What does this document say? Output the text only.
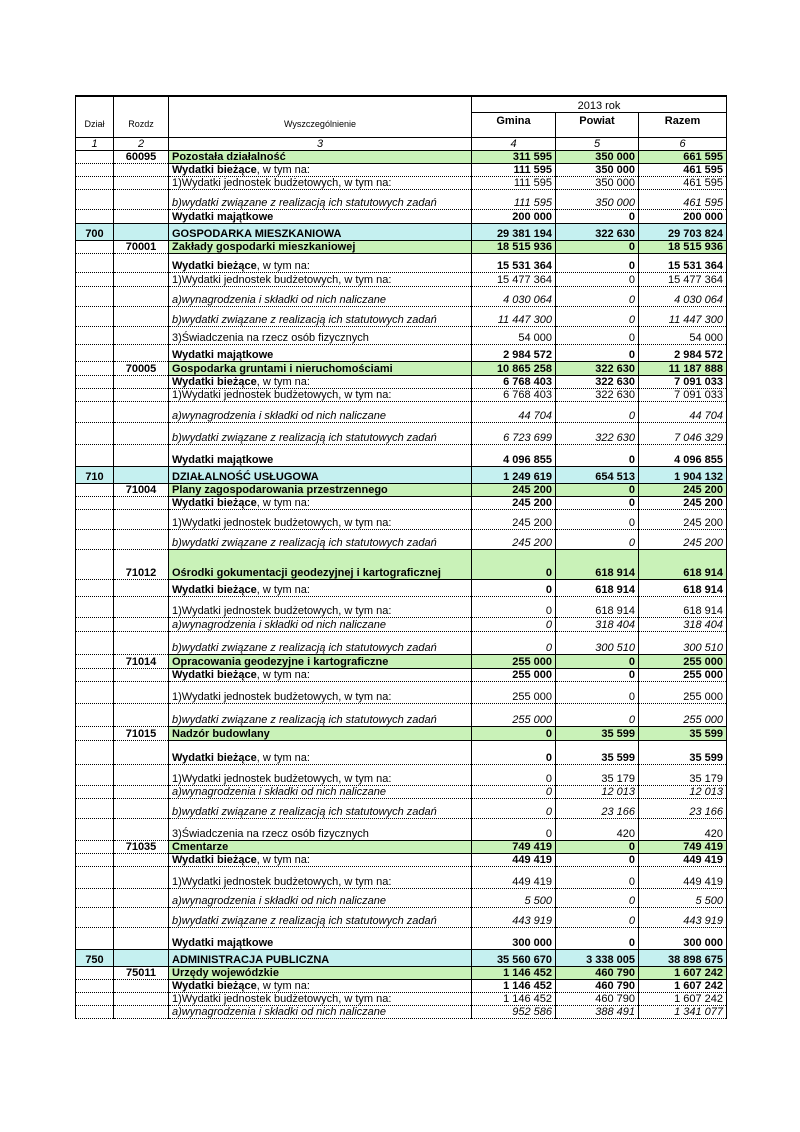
			2013 rok		
Dział	Rozdz	Wyszczególnienie	Gmina	Powiat	Razem
1	2	3	4	5	6
	60095	Pozostała działalność	311 595	350 000	661 595
		Wydatki bieżące, w tym na:	111 595	350 000	461 595
		1)Wydatki jednostek budżetowych, w tym na:	111 595	350 000	461 595
		b)wydatki związane z realizacją ich statutowych zadań	111 595	350 000	461 595
		Wydatki majątkowe	200 000	0	200 000
700		GOSPODARKA MIESZKANIOWA	29 381 194	322 630	29 703 824
	70001	Zakłady gospodarki mieszkaniowej	18 515 936	0	18 515 936
		Wydatki bieżące, w tym na:	15 531 364	0	15 531 364
		1)Wydatki jednostek budżetowych, w tym na:	15 477 364	0	15 477 364
		a)wynagrodzenia i składki od nich naliczane	4 030 064	0	4 030 064
		b)wydatki związane z realizacją ich statutowych zadań	11 447 300	0	11 447 300
		3)Świadczenia na rzecz osób fizycznych	54 000	0	54 000
		Wydatki majątkowe	2 984 572	0	2 984 572
	70005	Gospodarka gruntami i nieruchomościami	10 865 258	322 630	11 187 888
		Wydatki bieżące, w tym na:	6 768 403	322 630	7 091 033
		1)Wydatki jednostek budżetowych, w tym na:	6 768 403	322 630	7 091 033
		a)wynagrodzenia i składki od nich naliczane	44 704	0	44 704
		b)wydatki związane z realizacją ich statutowych zadań	6 723 699	322 630	7 046 329
		Wydatki majątkowe	4 096 855	0	4 096 855
710		DZIAŁALNOŚĆ USŁUGOWA	1 249 619	654 513	1 904 132
	71004	Plany zagospodarowania przestrzennego	245 200	0	245 200
		Wydatki bieżące, w tym na:	245 200	0	245 200
		1)Wydatki jednostek budżetowych, w tym na:	245 200	0	245 200
		b)wydatki związane z realizacją ich statutowych zadań	245 200	0	245 200
	71012	Ośrodki gokumentacji geodezyjnej i kartograficznej	0	618 914	618 914
		Wydatki bieżące, w tym na:	0	618 914	618 914
		1)Wydatki jednostek budżetowych, w tym na:	0	618 914	618 914
		a)wynagrodzenia i składki od nich naliczane	0	318 404	318 404
		b)wydatki związane z realizacją ich statutowych zadań	0	300 510	300 510
	71014	Opracowania geodezyjne i kartograficzne	255 000	0	255 000
		Wydatki bieżące, w tym na:	255 000	0	255 000
		1)Wydatki jednostek budżetowych, w tym na:	255 000	0	255 000
		b)wydatki związane z realizacją ich statutowych zadań	255 000	0	255 000
	71015	Nadzór budowlany	0	35 599	35 599
		Wydatki bieżące, w tym na:	0	35 599	35 599
		1)Wydatki jednostek budżetowych, w tym na:	0	35 179	35 179
		a)wynagrodzenia i składki od nich naliczane	0	12 013	12 013
		b)wydatki związane z realizacją ich statutowych zadań	0	23 166	23 166
		3)Świadczenia na rzecz osób fizycznych	0	420	420
	71035	Cmentarze	749 419	0	749 419
		Wydatki bieżące, w tym na:	449 419	0	449 419
		1)Wydatki jednostek budżetowych, w tym na:	449 419	0	449 419
		a)wynagrodzenia i składki od nich naliczane	5 500	0	5 500
		b)wydatki związane z realizacją ich statutowych zadań	443 919	0	443 919
		Wydatki majątkowe	300 000	0	300 000
750		ADMINISTRACJA PUBLICZNA	35 560 670	3 338 005	38 898 675
	75011	Urzędy wojewódzkie	1 146 452	460 790	1 607 242
		Wydatki bieżące, w tym na:	1 146 452	460 790	1 607 242
		1)Wydatki jednostek budżetowych, w tym na:	1 146 452	460 790	1 607 242
		a)wynagrodzenia i składki od nich naliczane	952 586	388 491	1 341 077
